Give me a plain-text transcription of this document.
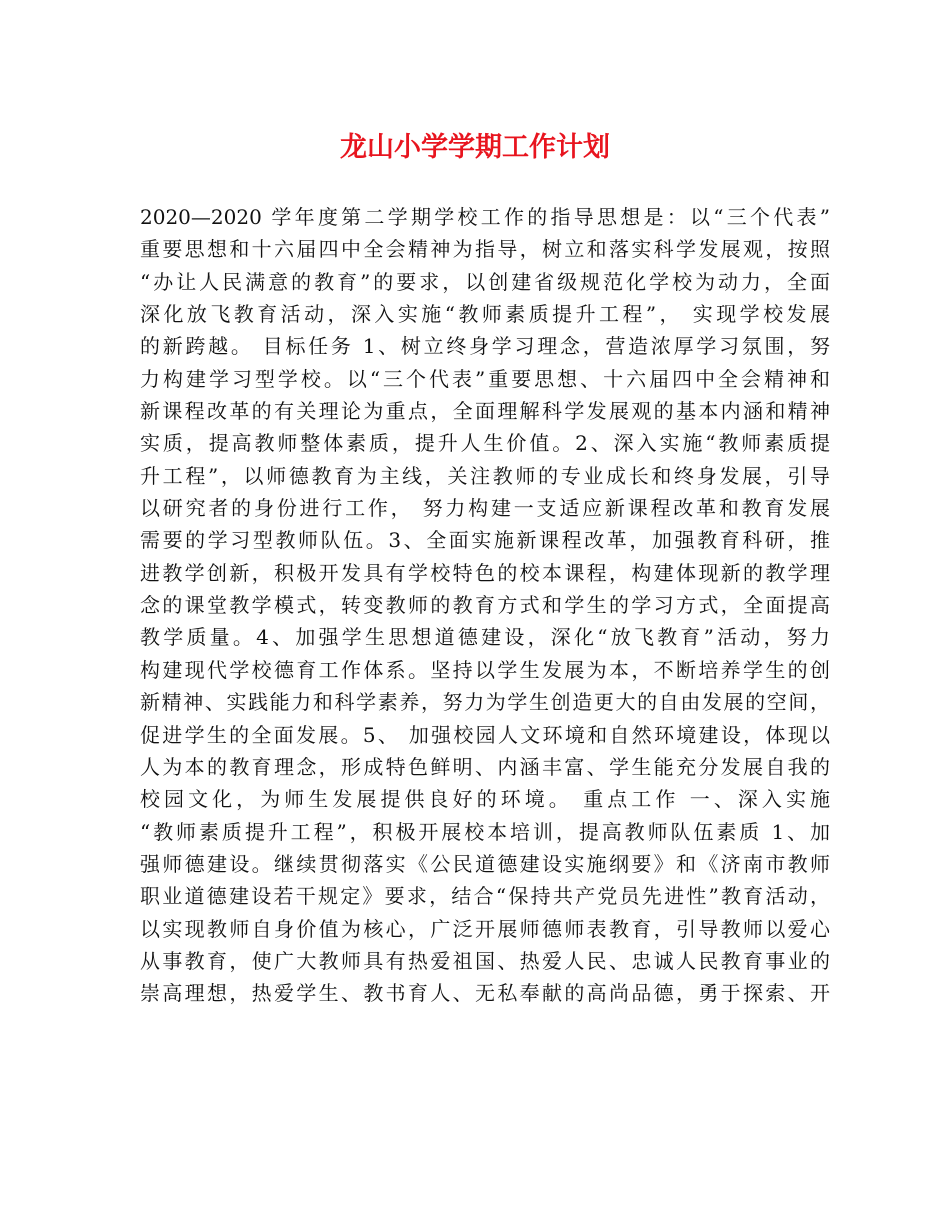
龙山小学学期工作计划
2020—2020 学年度第二学期学校工作的指导思想是：以“三个代表”
重要思想和十六届四中全会精神为指导，树立和落实科学发展观，按照
“办让人民满意的教育”的要求，以创建省级规范化学校为动力，全面
深化放飞教育活动，深入实施“教师素质提升工程”， 实现学校发展
的新跨越。 目标任务 1、树立终身学习理念，营造浓厚学习氛围，努
力构建学习型学校。以“三个代表”重要思想、十六届四中全会精神和
新课程改革的有关理论为重点，全面理解科学发展观的基本内涵和精神
实质，提高教师整体素质，提升人生价值。2、深入实施“教师素质提
升工程”，以师德教育为主线，关注教师的专业成长和终身发展，引导
以研究者的身份进行工作， 努力构建一支适应新课程改革和教育发展
需要的学习型教师队伍。3、全面实施新课程改革，加强教育科研，推
进教学创新，积极开发具有学校特色的校本课程，构建体现新的教学理
念的课堂教学模式，转变教师的教育方式和学生的学习方式，全面提高
教学质量。4、加强学生思想道德建设，深化“放飞教育”活动，努力
构建现代学校德育工作体系。坚持以学生发展为本，不断培养学生的创
新精神、实践能力和科学素养，努力为学生创造更大的自由发展的空间，
促进学生的全面发展。5、 加强校园人文环境和自然环境建设，体现以
人为本的教育理念，形成特色鲜明、内涵丰富、学生能充分发展自我的
校园文化，为师生发展提供良好的环境。 重点工作 一、深入实施
“教师素质提升工程”，积极开展校本培训，提高教师队伍素质 1、加
强师德建设。继续贯彻落实《公民道德建设实施纲要》和《济南市教师
职业道德建设若干规定》要求，结合“保持共产党员先进性”教育活动，
以实现教师自身价值为核心，广泛开展师德师表教育，引导教师以爱心
从事教育，使广大教师具有热爱祖国、热爱人民、忠诚人民教育事业的
崇高理想，热爱学生、教书育人、无私奉献的高尚品德，勇于探索、开
